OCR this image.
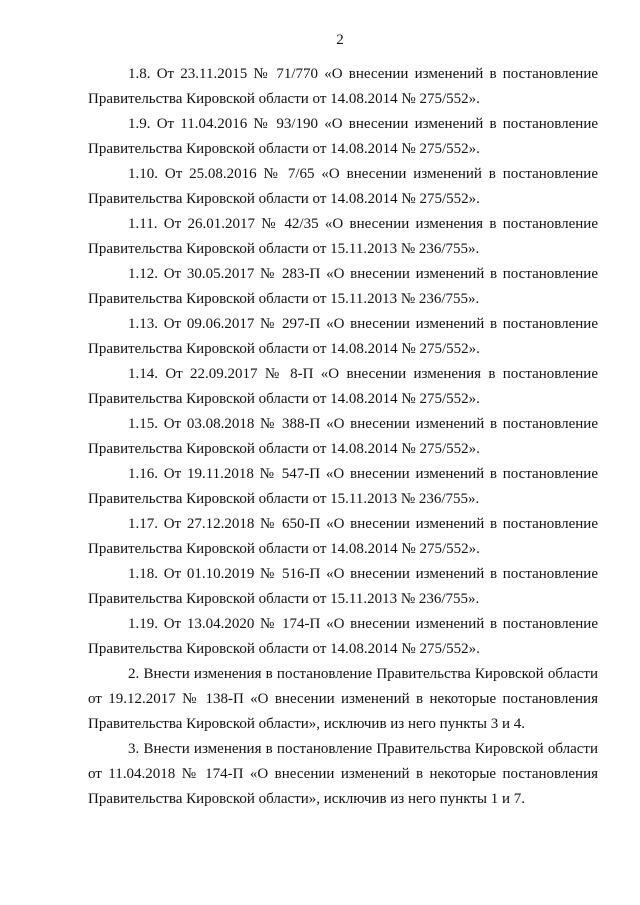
2
1.8. От 23.11.2015 № 71/770 «О внесении изменений в постановление
Правительства Кировской области от 14.08.2014 № 275/552».
1.9. От 11.04.2016 № 93/190 «О внесении изменений в постановление
Правительства Кировской области от 14.08.2014 № 275/552».
1.10. От 25.08.2016 № 7/65 «О внесении изменений в постановление
Правительства Кировской области от 14.08.2014 № 275/552».
1.11. От 26.01.2017 № 42/35 «О внесении изменения в постановление
Правительства Кировской области от 15.11.2013 № 236/755».
1.12. От 30.05.2017 № 283-П «О внесении изменений в постановление
Правительства Кировской области от 15.11.2013 № 236/755».
1.13. От 09.06.2017 № 297-П «О внесении изменений в постановление
Правительства Кировской области от 14.08.2014 № 275/552».
1.14. От 22.09.2017 № 8-П «О внесении изменения в постановление
Правительства Кировской области от 14.08.2014 № 275/552».
1.15. От 03.08.2018 № 388-П «О внесении изменений в постановление
Правительства Кировской области от 14.08.2014 № 275/552».
1.16. От 19.11.2018 № 547-П «О внесении изменений в постановление
Правительства Кировской области от 15.11.2013 № 236/755».
1.17. От 27.12.2018 № 650-П «О внесении изменений в постановление
Правительства Кировской области от 14.08.2014 № 275/552».
1.18. От 01.10.2019 № 516-П «О внесении изменений в постановление
Правительства Кировской области от 15.11.2013 № 236/755».
1.19. От 13.04.2020 № 174-П «О внесении изменений в постановление
Правительства Кировской области от 14.08.2014 № 275/552».
2. Внести изменения в постановление Правительства Кировской области
от 19.12.2017 № 138-П «О внесении изменений в некоторые постановления
Правительства Кировской области», исключив из него пункты 3 и 4.
3. Внести изменения в постановление Правительства Кировской области
от 11.04.2018 № 174-П «О внесении изменений в некоторые постановления
Правительства Кировской области», исключив из него пункты 1 и 7.
